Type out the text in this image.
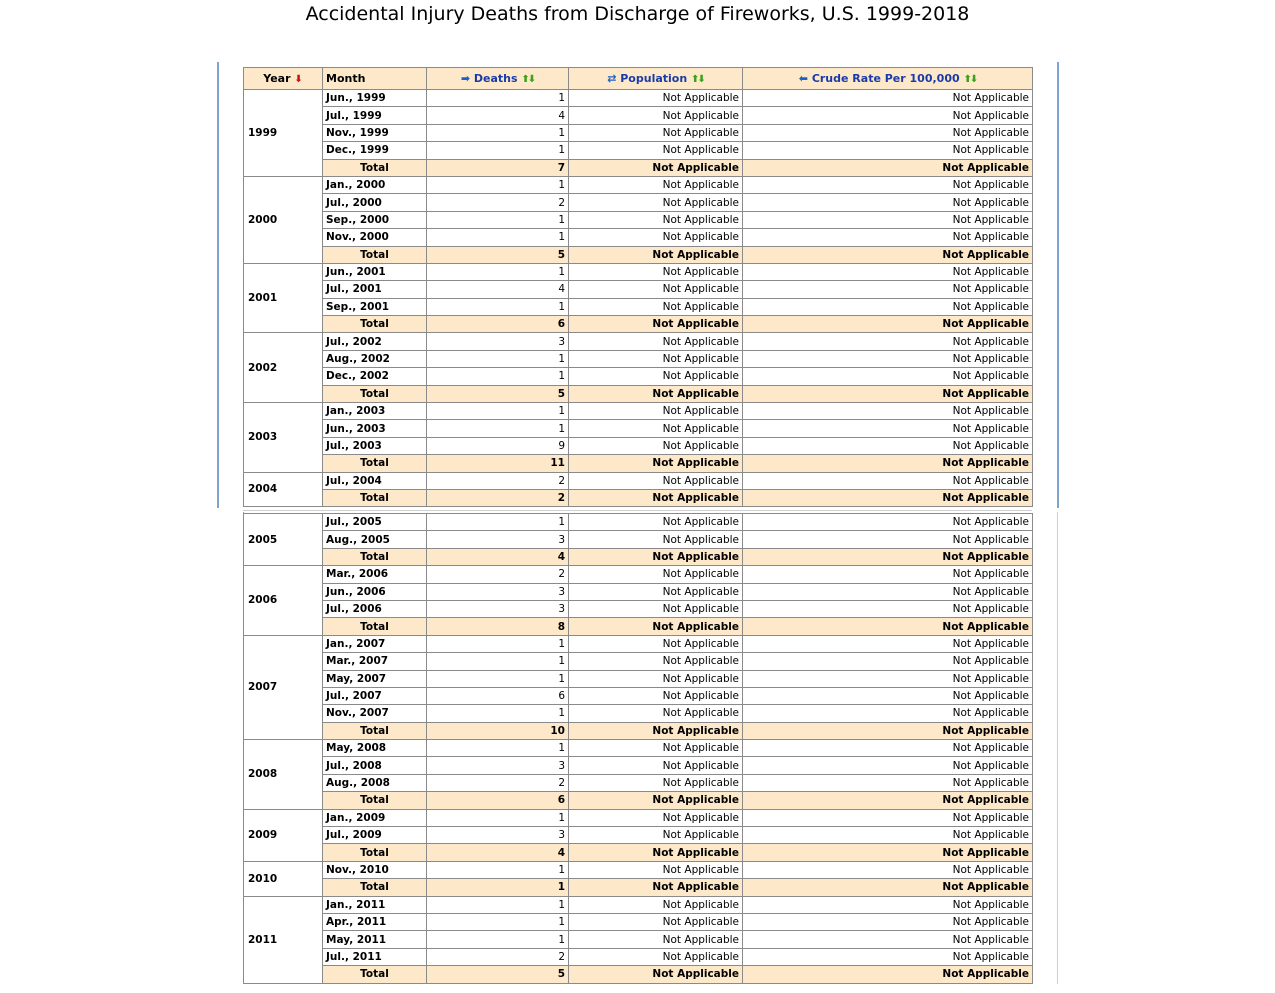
Accidental Injury Deaths from Discharge of Fireworks, U.S. 1999-2018
Year ⬇	Month	➡ Deaths ⬆⬇	⇄ Population ⬆⬇	⬅ Crude Rate Per 100,000 ⬆⬇
1999	Jun., 1999	1	Not Applicable	Not Applicable
	Jul., 1999	4	Not Applicable	Not Applicable
	Nov., 1999	1	Not Applicable	Not Applicable
	Dec., 1999	1	Not Applicable	Not Applicable
	Total	7	Not Applicable	Not Applicable
2000	Jan., 2000	1	Not Applicable	Not Applicable
	Jul., 2000	2	Not Applicable	Not Applicable
	Sep., 2000	1	Not Applicable	Not Applicable
	Nov., 2000	1	Not Applicable	Not Applicable
	Total	5	Not Applicable	Not Applicable
2001	Jun., 2001	1	Not Applicable	Not Applicable
	Jul., 2001	4	Not Applicable	Not Applicable
	Sep., 2001	1	Not Applicable	Not Applicable
	Total	6	Not Applicable	Not Applicable
2002	Jul., 2002	3	Not Applicable	Not Applicable
	Aug., 2002	1	Not Applicable	Not Applicable
	Dec., 2002	1	Not Applicable	Not Applicable
	Total	5	Not Applicable	Not Applicable
2003	Jan., 2003	1	Not Applicable	Not Applicable
	Jun., 2003	1	Not Applicable	Not Applicable
	Jul., 2003	9	Not Applicable	Not Applicable
	Total	11	Not Applicable	Not Applicable
2004	Jul., 2004	2	Not Applicable	Not Applicable
	Total	2	Not Applicable	Not Applicable
2005	Jul., 2005	1	Not Applicable	Not Applicable
	Aug., 2005	3	Not Applicable	Not Applicable
	Total	4	Not Applicable	Not Applicable
2006	Mar., 2006	2	Not Applicable	Not Applicable
	Jun., 2006	3	Not Applicable	Not Applicable
	Jul., 2006	3	Not Applicable	Not Applicable
	Total	8	Not Applicable	Not Applicable
2007	Jan., 2007	1	Not Applicable	Not Applicable
	Mar., 2007	1	Not Applicable	Not Applicable
	May, 2007	1	Not Applicable	Not Applicable
	Jul., 2007	6	Not Applicable	Not Applicable
	Nov., 2007	1	Not Applicable	Not Applicable
	Total	10	Not Applicable	Not Applicable
2008	May, 2008	1	Not Applicable	Not Applicable
	Jul., 2008	3	Not Applicable	Not Applicable
	Aug., 2008	2	Not Applicable	Not Applicable
	Total	6	Not Applicable	Not Applicable
2009	Jan., 2009	1	Not Applicable	Not Applicable
	Jul., 2009	3	Not Applicable	Not Applicable
	Total	4	Not Applicable	Not Applicable
2010	Nov., 2010	1	Not Applicable	Not Applicable
	Total	1	Not Applicable	Not Applicable
2011	Jan., 2011	1	Not Applicable	Not Applicable
	Apr., 2011	1	Not Applicable	Not Applicable
	May, 2011	1	Not Applicable	Not Applicable
	Jul., 2011	2	Not Applicable	Not Applicable
	Total	5	Not Applicable	Not Applicable
